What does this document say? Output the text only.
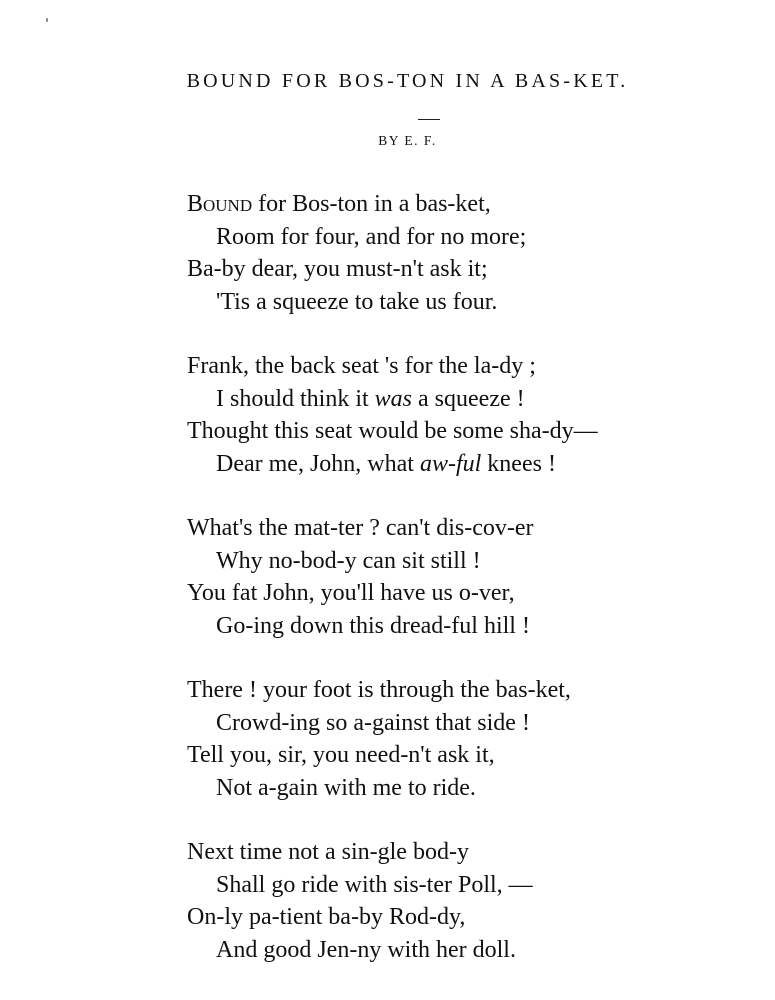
BOUND FOR BOS-TON IN A BAS-KET.
BY E. F.
Bound for Bos-ton in a bas-ket,
Room for four, and for no more;
Ba-by dear, you must-n't ask it;
'Tis a squeeze to take us four.
Frank, the back seat 's for the la-dy ;
I should think it was a squeeze !
Thought this seat would be some sha-dy—
Dear me, John, what aw-ful knees !
What's the mat-ter ? can't dis-cov-er
Why no-bod-y can sit still !
You fat John, you'll have us o-ver,
Go-ing down this dread-ful hill !
There ! your foot is through the bas-ket,
Crowd-ing so a-gainst that side !
Tell you, sir, you need-n't ask it,
Not a-gain with me to ride.
Next time not a sin-gle bod-y
Shall go ride with sis-ter Poll, —
On-ly pa-tient ba-by Rod-dy,
And good Jen-ny with her doll.
